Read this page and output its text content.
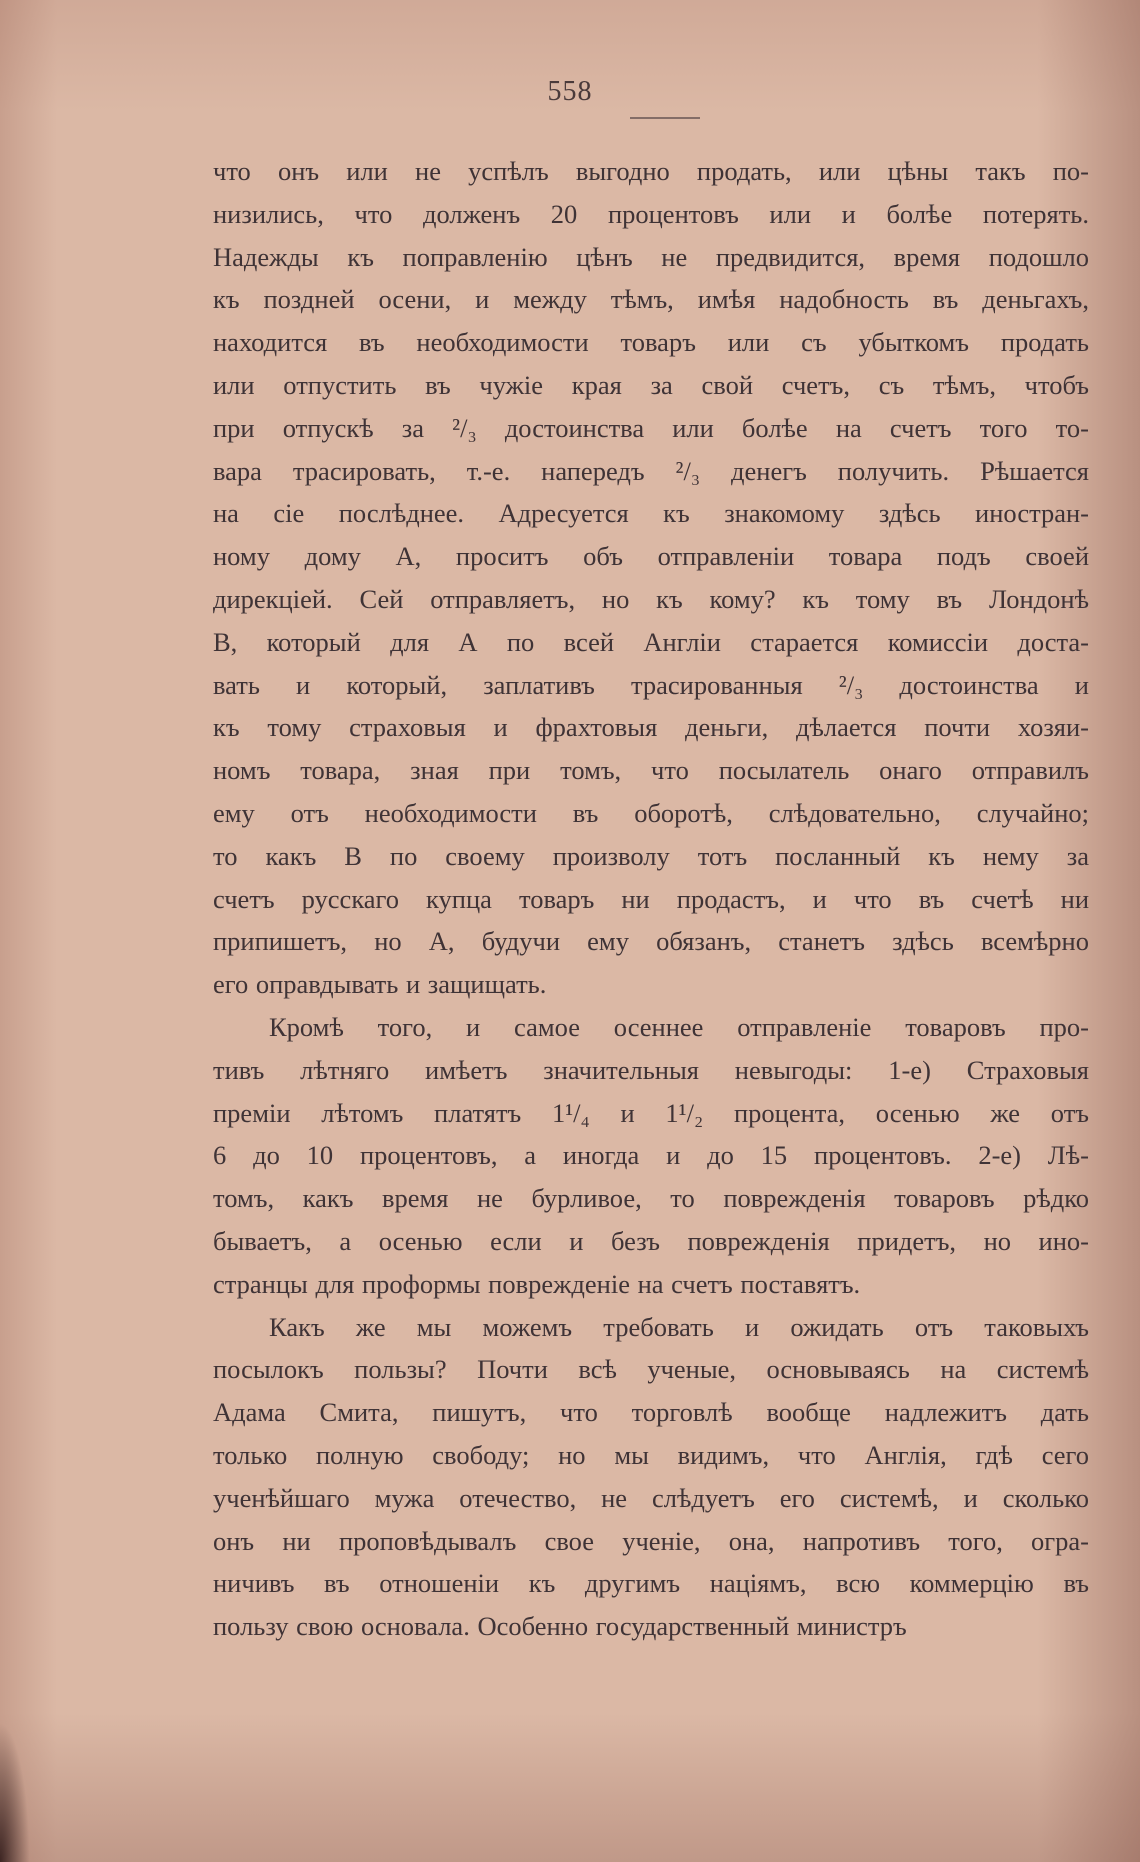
558
что онъ или не успѣлъ выгодно продать, или цѣны такъ по-
низились, что долженъ 20 процентовъ или и болѣе потерять.
Надежды къ поправленію цѣнъ не предвидится, время подошло
къ поздней осени, и между тѣмъ, имѣя надобность въ деньгахъ,
находится въ необходимости товаръ или съ убыткомъ продать
или отпустить въ чужіе края за свой счетъ, съ тѣмъ, чтобъ
при отпускѣ за ²/₃ достоинства или болѣе на счетъ того то-
вара трасировать, т.-е. напередъ ²/₃ денегъ получить. Рѣшается
на сіе послѣднее. Адресуется къ знакомому здѣсь иностран-
ному дому А, проситъ объ отправленіи товара подъ своей
дирекціей. Сей отправляетъ, но къ кому? къ тому въ Лондонѣ
В, который для А по всей Англіи старается комиссіи доста-
вать и который, заплативъ трасированныя ²/₃ достоинства и
къ тому страховыя и фрахтовыя деньги, дѣлается почти хозяи-
номъ товара, зная при томъ, что посылатель онаго отправилъ
ему отъ необходимости въ оборотѣ, слѣдовательно, случайно;
то какъ В по своему произволу тотъ посланный къ нему за
счетъ русскаго купца товаръ ни продастъ, и что въ счетѣ ни
припишетъ, но А, будучи ему обязанъ, станетъ здѣсь всемѣрно
его оправдывать и защищать.
Кромѣ того, и самое осеннее отправленіе товаровъ про-
тивъ лѣтняго имѣетъ значительныя невыгоды: 1-е) Страховыя
преміи лѣтомъ платятъ 1¹/₄ и 1¹/₂ процента, осенью же отъ
6 до 10 процентовъ, а иногда и до 15 процентовъ. 2-е) Лѣ-
томъ, какъ время не бурливое, то поврежденія товаровъ рѣдко
бываетъ, а осенью если и безъ поврежденія придетъ, но ино-
странцы для проформы поврежденіе на счетъ поставятъ.
Какъ же мы можемъ требовать и ожидать отъ таковыхъ
посылокъ пользы? Почти всѣ ученые, основываясь на системѣ
Адама Смита, пишутъ, что торговлѣ вообще надлежитъ дать
только полную свободу; но мы видимъ, что Англія, гдѣ сего
ученѣйшаго мужа отечество, не слѣдуетъ его системѣ, и сколько
онъ ни проповѣдывалъ свое ученіе, она, напротивъ того, огра-
ничивъ въ отношеніи къ другимъ націямъ, всю коммерцію въ
пользу свою основала. Особенно государственный министръ
